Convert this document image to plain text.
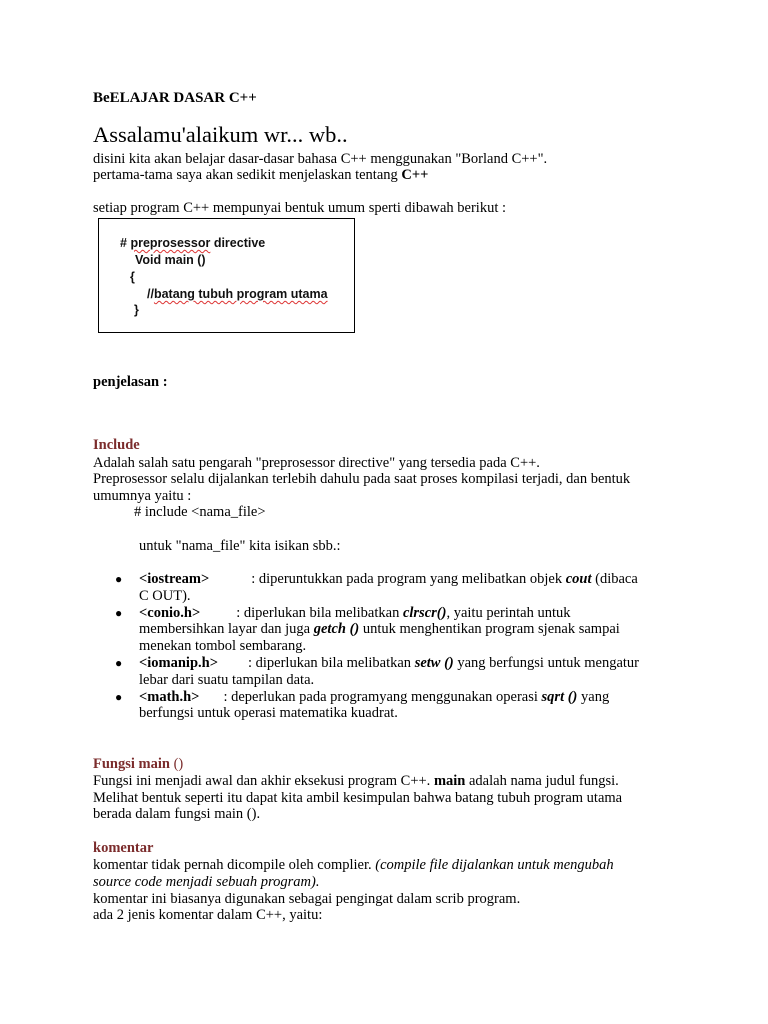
BeELAJAR DASAR C++
Assalamu'alaikum wr... wb..
disini kita akan belajar dasar-dasar bahasa C++ menggunakan "Borland C++".
pertama-tama saya akan sedikit menjelaskan tentang C++
setiap program C++ mempunyai bentuk umum sperti dibawah berikut :
# preprosessor directive
Void main ()
{
//batang tubuh program utama
}
penjelasan :
Include
Adalah salah satu pengarah "preprosessor directive" yang tersedia pada C++.
Preprosessor selalu dijalankan terlebih dahulu pada saat proses kompilasi terjadi, dan bentuk
umumnya yaitu :
# include <nama_file>
untuk "nama_file" kita isikan sbb.:
● <iostream>	: diperuntukkan pada program yang melibatkan objek cout (dibaca
C OUT).
● <conio.h> : diperlukan bila melibatkan clrscr(), yaitu perintah untuk
membersihkan layar dan juga getch () untuk menghentikan program sjenak sampai
menekan tombol sembarang.
● <iomanip.h> : diperlukan bila melibatkan setw () yang berfungsi untuk mengatur
lebar dari suatu tampilan data.
● <math.h> : deperlukan pada programyang menggunakan operasi sqrt () yang
berfungsi untuk operasi matematika kuadrat.
Fungsi main ()
Fungsi ini menjadi awal dan akhir eksekusi program C++. main adalah nama judul fungsi.
Melihat bentuk seperti itu dapat kita ambil kesimpulan bahwa batang tubuh program utama
berada dalam fungsi main ().
komentar
komentar tidak pernah dicompile oleh complier. (compile file dijalankan untuk mengubah
source code menjadi sebuah program).
komentar ini biasanya digunakan sebagai pengingat dalam scrib program.
ada 2 jenis komentar dalam C++, yaitu:
